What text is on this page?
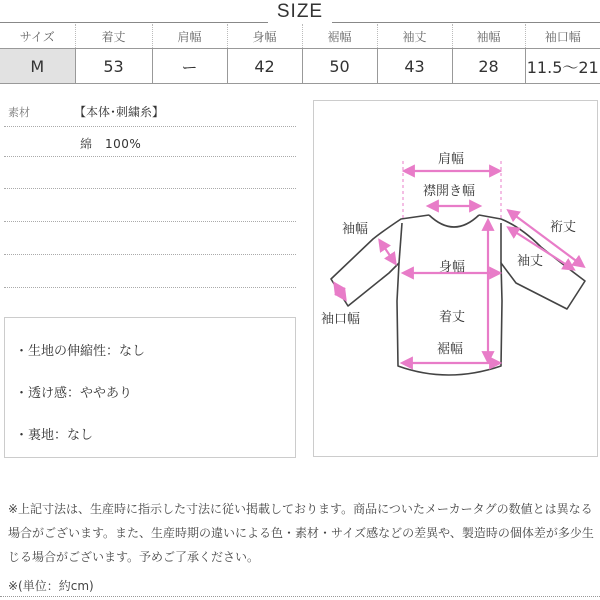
SIZE
サイズ	着丈	肩幅	身幅	裾幅	袖丈	袖幅	袖口幅
M	53	ー	42	50	43	28	11.5〜21
素材	【本体･刺繍糸】
綿　100%
・生地の伸縮性：なし
・透け感：ややあり
・裏地：なし
肩幅
襟開き幅
裄丈
袖幅
袖丈
身幅
袖口幅	着丈
裾幅
※上記寸法は、生産時に指示した寸法に従い掲載しております。商品についたメーカータグの数値とは異なる場合がございます。また、生産時期の違いによる色・素材・サイズ感などの差異や、製造時の個体差が多少生じる場合がございます。予めご了承ください。
※(単位：約cm)
